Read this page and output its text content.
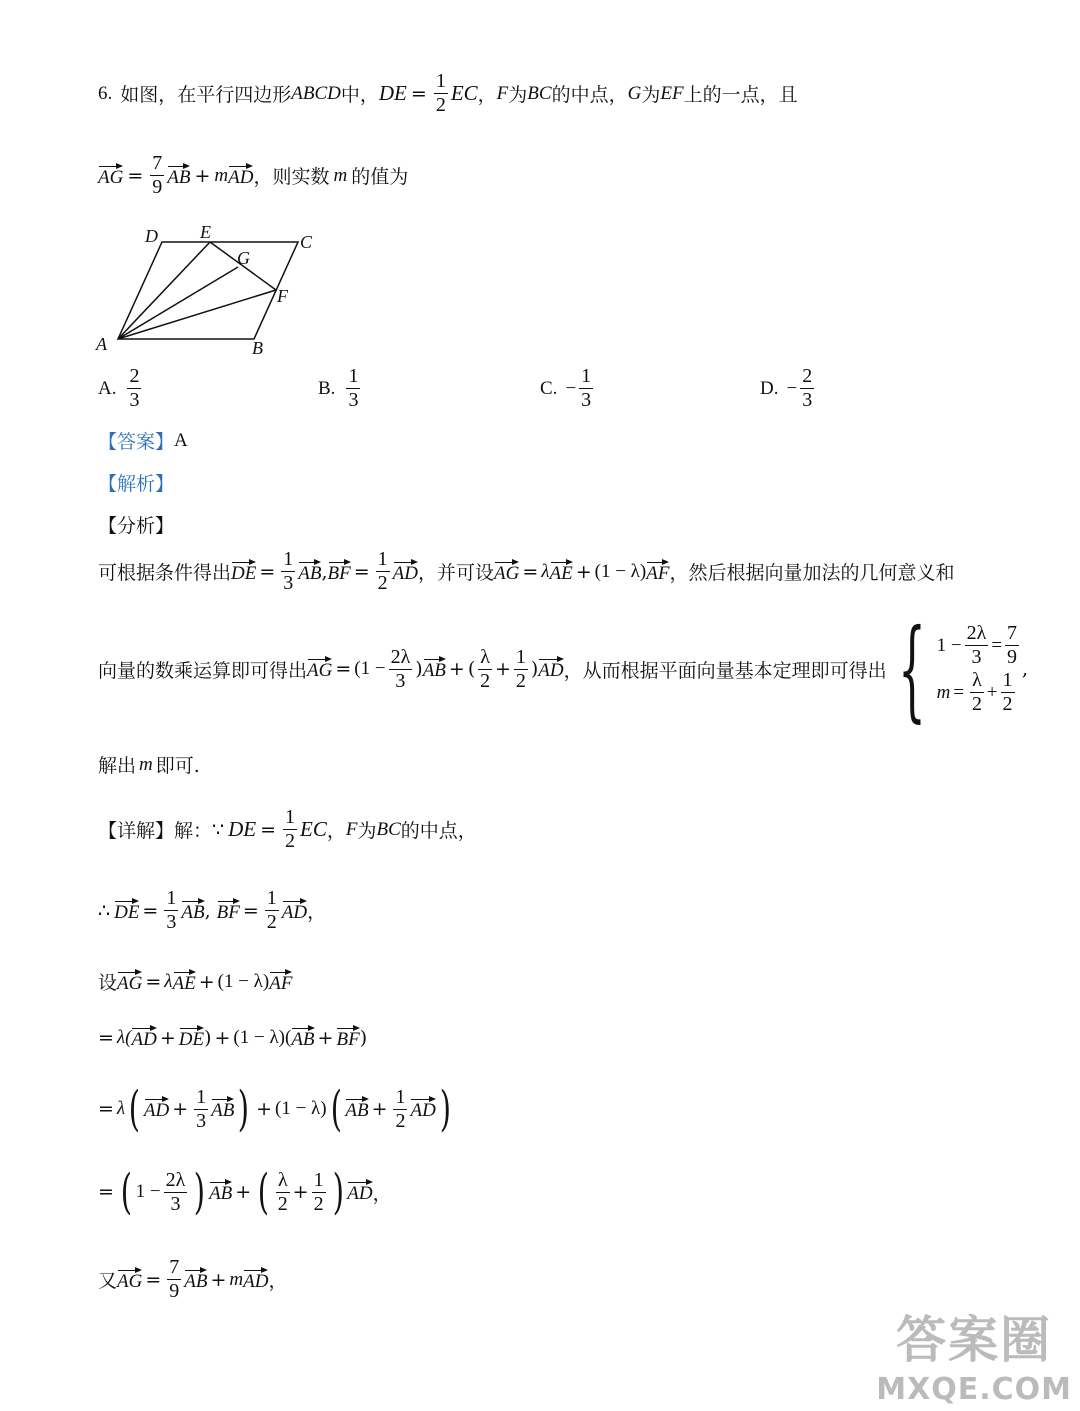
6. 如图，在平行四边形 ABCD 中， DE = $\frac{1}{2}$ EC ， F 为 BC 的中点， G 为 EF 上的一点，且
AG = $\frac{7}{9}$ AB + m AD ，则实数 m 的值为
A	B
C
D E
F
G
A. $\frac{2}{3}$	B. $\frac{1}{3}$	C. − $\frac{1}{3}$	D. − $\frac{2}{3}$
【答案】 A
【解析】
【分析】
可根据条件得出 DE = $\frac{1}{3}$ AB , BF = $\frac{1}{2}$ AD ，并可设 AG = λ AE + (1 − λ) AF ，然后根据向量加法的几何意义和
向量的数乘运算即可得出 AG = ($1 - \frac{2\lambda}{3}$ ) AB + ( $\frac{\lambda}{2} + \frac{1}{2}$ ) AD ，从而根据平面向量基本定理即可得出 { $1 - \frac{2\lambda}{3} = \frac{7}{9}$
$m = \frac{\lambda}{2} + \frac{1}{2}$ ,
解出 m 即可.
【详解】解： ∵ DE = $\frac{1}{2}$ EC ， F 为 BC 的中点，
∴ DE = $\frac{1}{3}$ AB , BF = $\frac{1}{2}$ AD ，
设 AG = λ AE + (1 − λ) AF
= λ( AD + DE ) + (1 − λ)( AB + BF )
= λ ( AD + $\frac{1}{3}$ AB ) + (1 − λ) ( AB + $\frac{1}{2}$ AD )
= ( $1 - \frac{2\lambda}{3}$ ) AB + ( $\frac{\lambda}{2} + \frac{1}{2}$ ) AD ，
又 AG = $\frac{7}{9}$ AB + m AD ，
答案圈
MXQE.COM
